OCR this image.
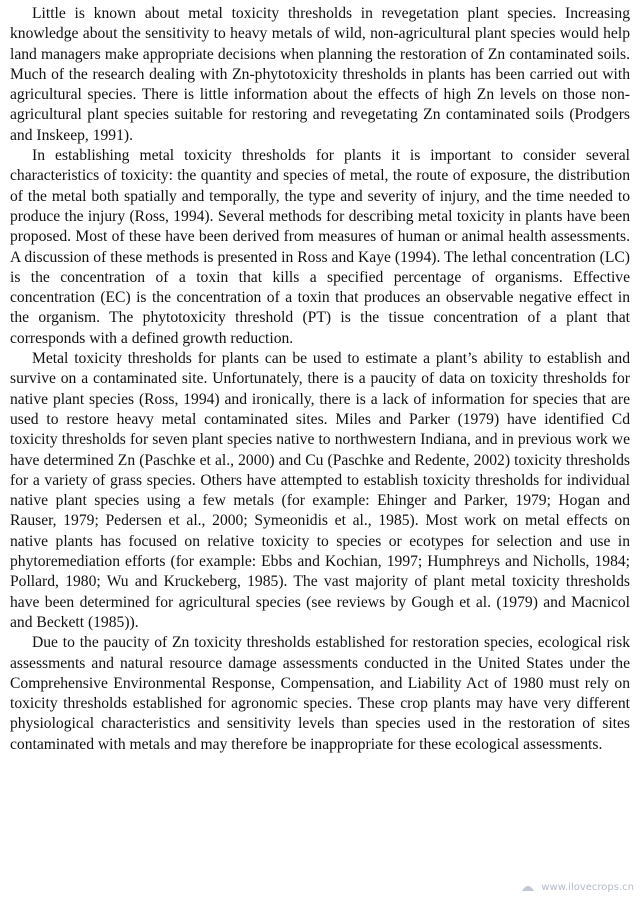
Little is known about metal toxicity thresholds in revegetation plant species. Increasing knowledge about the sensitivity to heavy metals of wild, non-agricultural plant species would help land managers make appropriate decisions when planning the restoration of Zn contaminated soils. Much of the research dealing with Zn-phytotoxicity thresholds in plants has been carried out with agricultural species. There is little information about the effects of high Zn levels on those non-agricultural plant species suitable for restoring and revegetating Zn contaminated soils (Prodgers and Inskeep, 1991).

In establishing metal toxicity thresholds for plants it is important to consider several characteristics of toxicity: the quantity and species of metal, the route of exposure, the distribution of the metal both spatially and temporally, the type and severity of injury, and the time needed to produce the injury (Ross, 1994). Several methods for describing metal toxicity in plants have been proposed. Most of these have been derived from measures of human or animal health assessments. A discussion of these methods is presented in Ross and Kaye (1994). The lethal concentration (LC) is the concentration of a toxin that kills a specified percentage of organisms. Effective concentration (EC) is the concentration of a toxin that produces an observable negative effect in the organism. The phytotoxicity threshold (PT) is the tissue concentration of a plant that corresponds with a defined growth reduction.

Metal toxicity thresholds for plants can be used to estimate a plant’s ability to establish and survive on a contaminated site. Unfortunately, there is a paucity of data on toxicity thresholds for native plant species (Ross, 1994) and ironically, there is a lack of information for species that are used to restore heavy metal contaminated sites. Miles and Parker (1979) have identified Cd toxicity thresholds for seven plant species native to northwestern Indiana, and in previous work we have determined Zn (Paschke et al., 2000) and Cu (Paschke and Redente, 2002) toxicity thresholds for a variety of grass species. Others have attempted to establish toxicity thresholds for individual native plant species using a few metals (for example: Ehinger and Parker, 1979; Hogan and Rauser, 1979; Pedersen et al., 2000; Symeonidis et al., 1985). Most work on metal effects on native plants has focused on relative toxicity to species or ecotypes for selection and use in phytoremediation efforts (for example: Ebbs and Kochian, 1997; Humphreys and Nicholls, 1984; Pollard, 1980; Wu and Kruckeberg, 1985). The vast majority of plant metal toxicity thresholds have been determined for agricultural species (see reviews by Gough et al. (1979) and Macnicol and Beckett (1985)).

Due to the paucity of Zn toxicity thresholds established for restoration species, ecological risk assessments and natural resource damage assessments conducted in the United States under the Comprehensive Environmental Response, Compensation, and Liability Act of 1980 must rely on toxicity thresholds established for agronomic species. These crop plants may have very different physiological characteristics and sensitivity levels than species used in the restoration of sites contaminated with metals and may therefore be inappropriate for these ecological assessments.

www.ilovecrops.cn
